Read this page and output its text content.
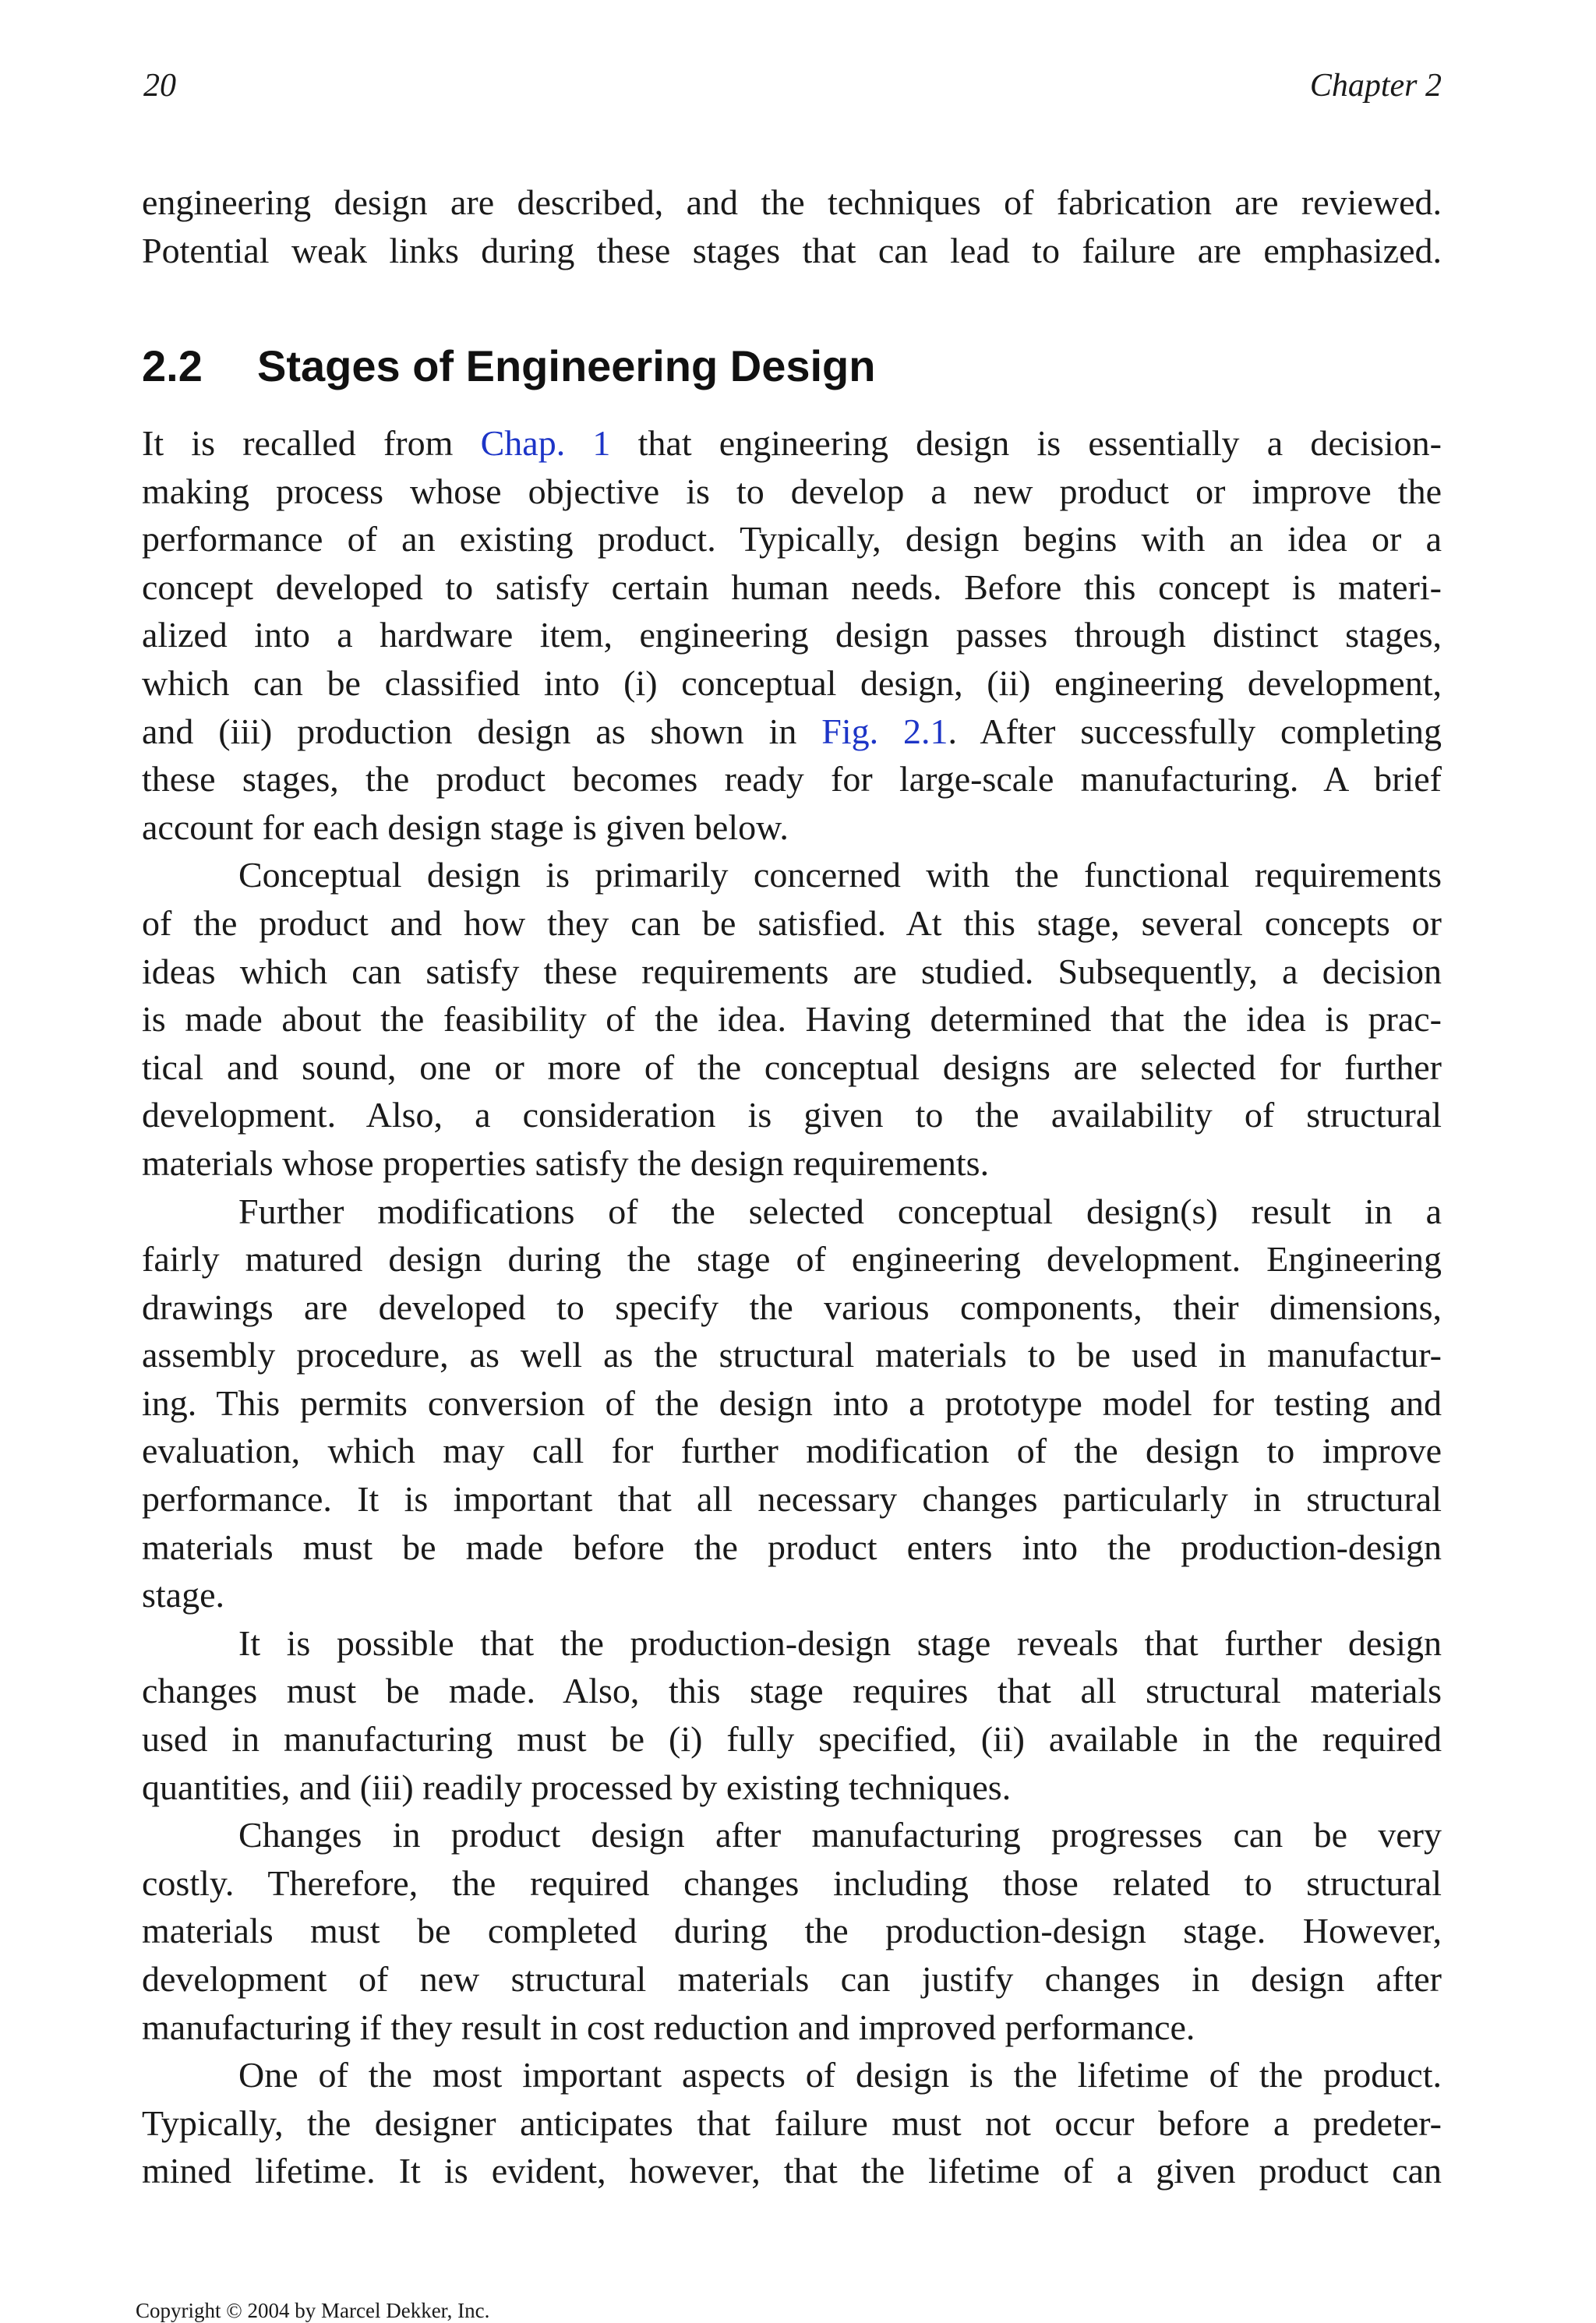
20	Chapter 2
engineering design are described, and the techniques of fabrication are reviewed.
Potential weak links during these stages that can lead to failure are emphasized.
2.2 Stages of Engineering Design
It is recalled from Chap. 1 that engineering design is essentially a decision-
making process whose objective is to develop a new product or improve the
performance of an existing product. Typically, design begins with an idea or a
concept developed to satisfy certain human needs. Before this concept is materi-
alized into a hardware item, engineering design passes through distinct stages,
which can be classified into (i) conceptual design, (ii) engineering development,
and (iii) production design as shown in Fig. 2.1. After successfully completing
these stages, the product becomes ready for large-scale manufacturing. A brief
account for each design stage is given below.
Conceptual design is primarily concerned with the functional requirements
of the product and how they can be satisfied. At this stage, several concepts or
ideas which can satisfy these requirements are studied. Subsequently, a decision
is made about the feasibility of the idea. Having determined that the idea is prac-
tical and sound, one or more of the conceptual designs are selected for further
development. Also, a consideration is given to the availability of structural
materials whose properties satisfy the design requirements.
Further modifications of the selected conceptual design(s) result in a
fairly matured design during the stage of engineering development. Engineering
drawings are developed to specify the various components, their dimensions,
assembly procedure, as well as the structural materials to be used in manufactur-
ing. This permits conversion of the design into a prototype model for testing and
evaluation, which may call for further modification of the design to improve
performance. It is important that all necessary changes particularly in structural
materials must be made before the product enters into the production-design
stage.
It is possible that the production-design stage reveals that further design
changes must be made. Also, this stage requires that all structural materials
used in manufacturing must be (i) fully specified, (ii) available in the required
quantities, and (iii) readily processed by existing techniques.
Changes in product design after manufacturing progresses can be very
costly. Therefore, the required changes including those related to structural
materials must be completed during the production-design stage. However,
development of new structural materials can justify changes in design after
manufacturing if they result in cost reduction and improved performance.
One of the most important aspects of design is the lifetime of the product.
Typically, the designer anticipates that failure must not occur before a predeter-
mined lifetime. It is evident, however, that the lifetime of a given product can
Copyright © 2004 by Marcel Dekker, Inc.
